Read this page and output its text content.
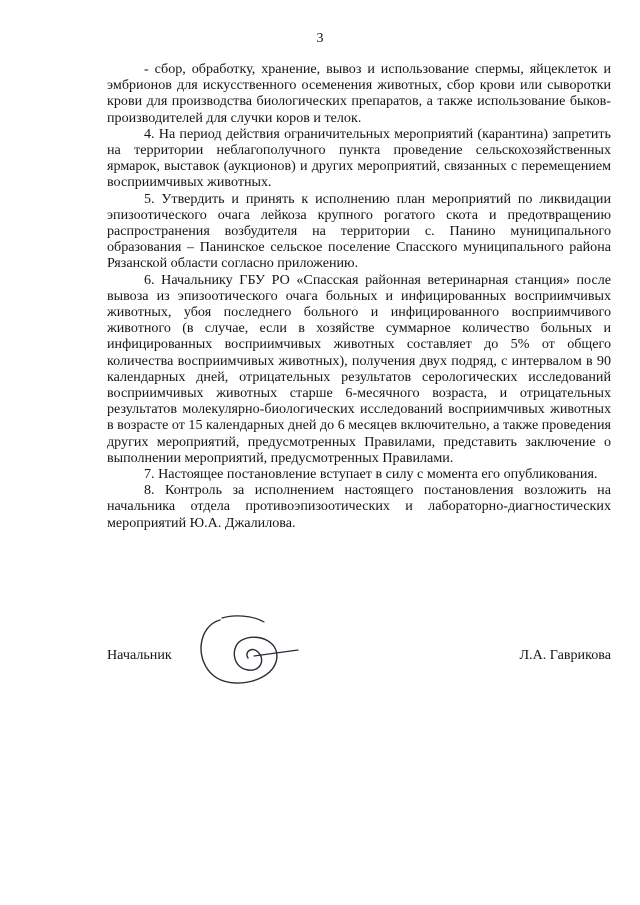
3

- сбор, обработку, хранение, вывоз и использование спермы, яйцеклеток и эмбрионов для искусственного осеменения животных, сбор крови или сыворотки крови для производства биологических препаратов, а также использование быков-производителей для случки коров и телок.

4. На период действия ограничительных мероприятий (карантина) запретить на территории неблагополучного пункта проведение сельскохозяйственных ярмарок, выставок (аукционов) и других мероприятий, связанных с перемещением восприимчивых животных.

5. Утвердить и принять к исполнению план мероприятий по ликвидации эпизоотического очага лейкоза крупного рогатого скота и предотвращению распространения возбудителя на территории с. Панино муниципального образования – Панинское сельское поселение Спасского муниципального района Рязанской области согласно приложению.

6. Начальнику ГБУ РО «Спасская районная ветеринарная станция» после вывоза из эпизоотического очага больных и инфицированных восприимчивых животных, убоя последнего больного и инфицированного восприимчивого животного (в случае, если в хозяйстве суммарное количество больных и инфицированных восприимчивых животных составляет до 5% от общего количества восприимчивых животных), получения двух подряд, с интервалом в 90 календарных дней, отрицательных результатов серологических исследований восприимчивых животных старше 6-месячного возраста, и отрицательных результатов молекулярно-биологических исследований восприимчивых животных в возрасте от 15 календарных дней до 6 месяцев включительно, а также проведения других мероприятий, предусмотренных Правилами, представить заключение о выполнении мероприятий, предусмотренных Правилами.

7. Настоящее постановление вступает в силу с момента его опубликования.

8. Контроль за исполнением настоящего постановления возложить на начальника отдела противоэпизоотических и лабораторно-диагностических мероприятий Ю.А. Джалилова.

Начальник	Л.А. Гаврикова
